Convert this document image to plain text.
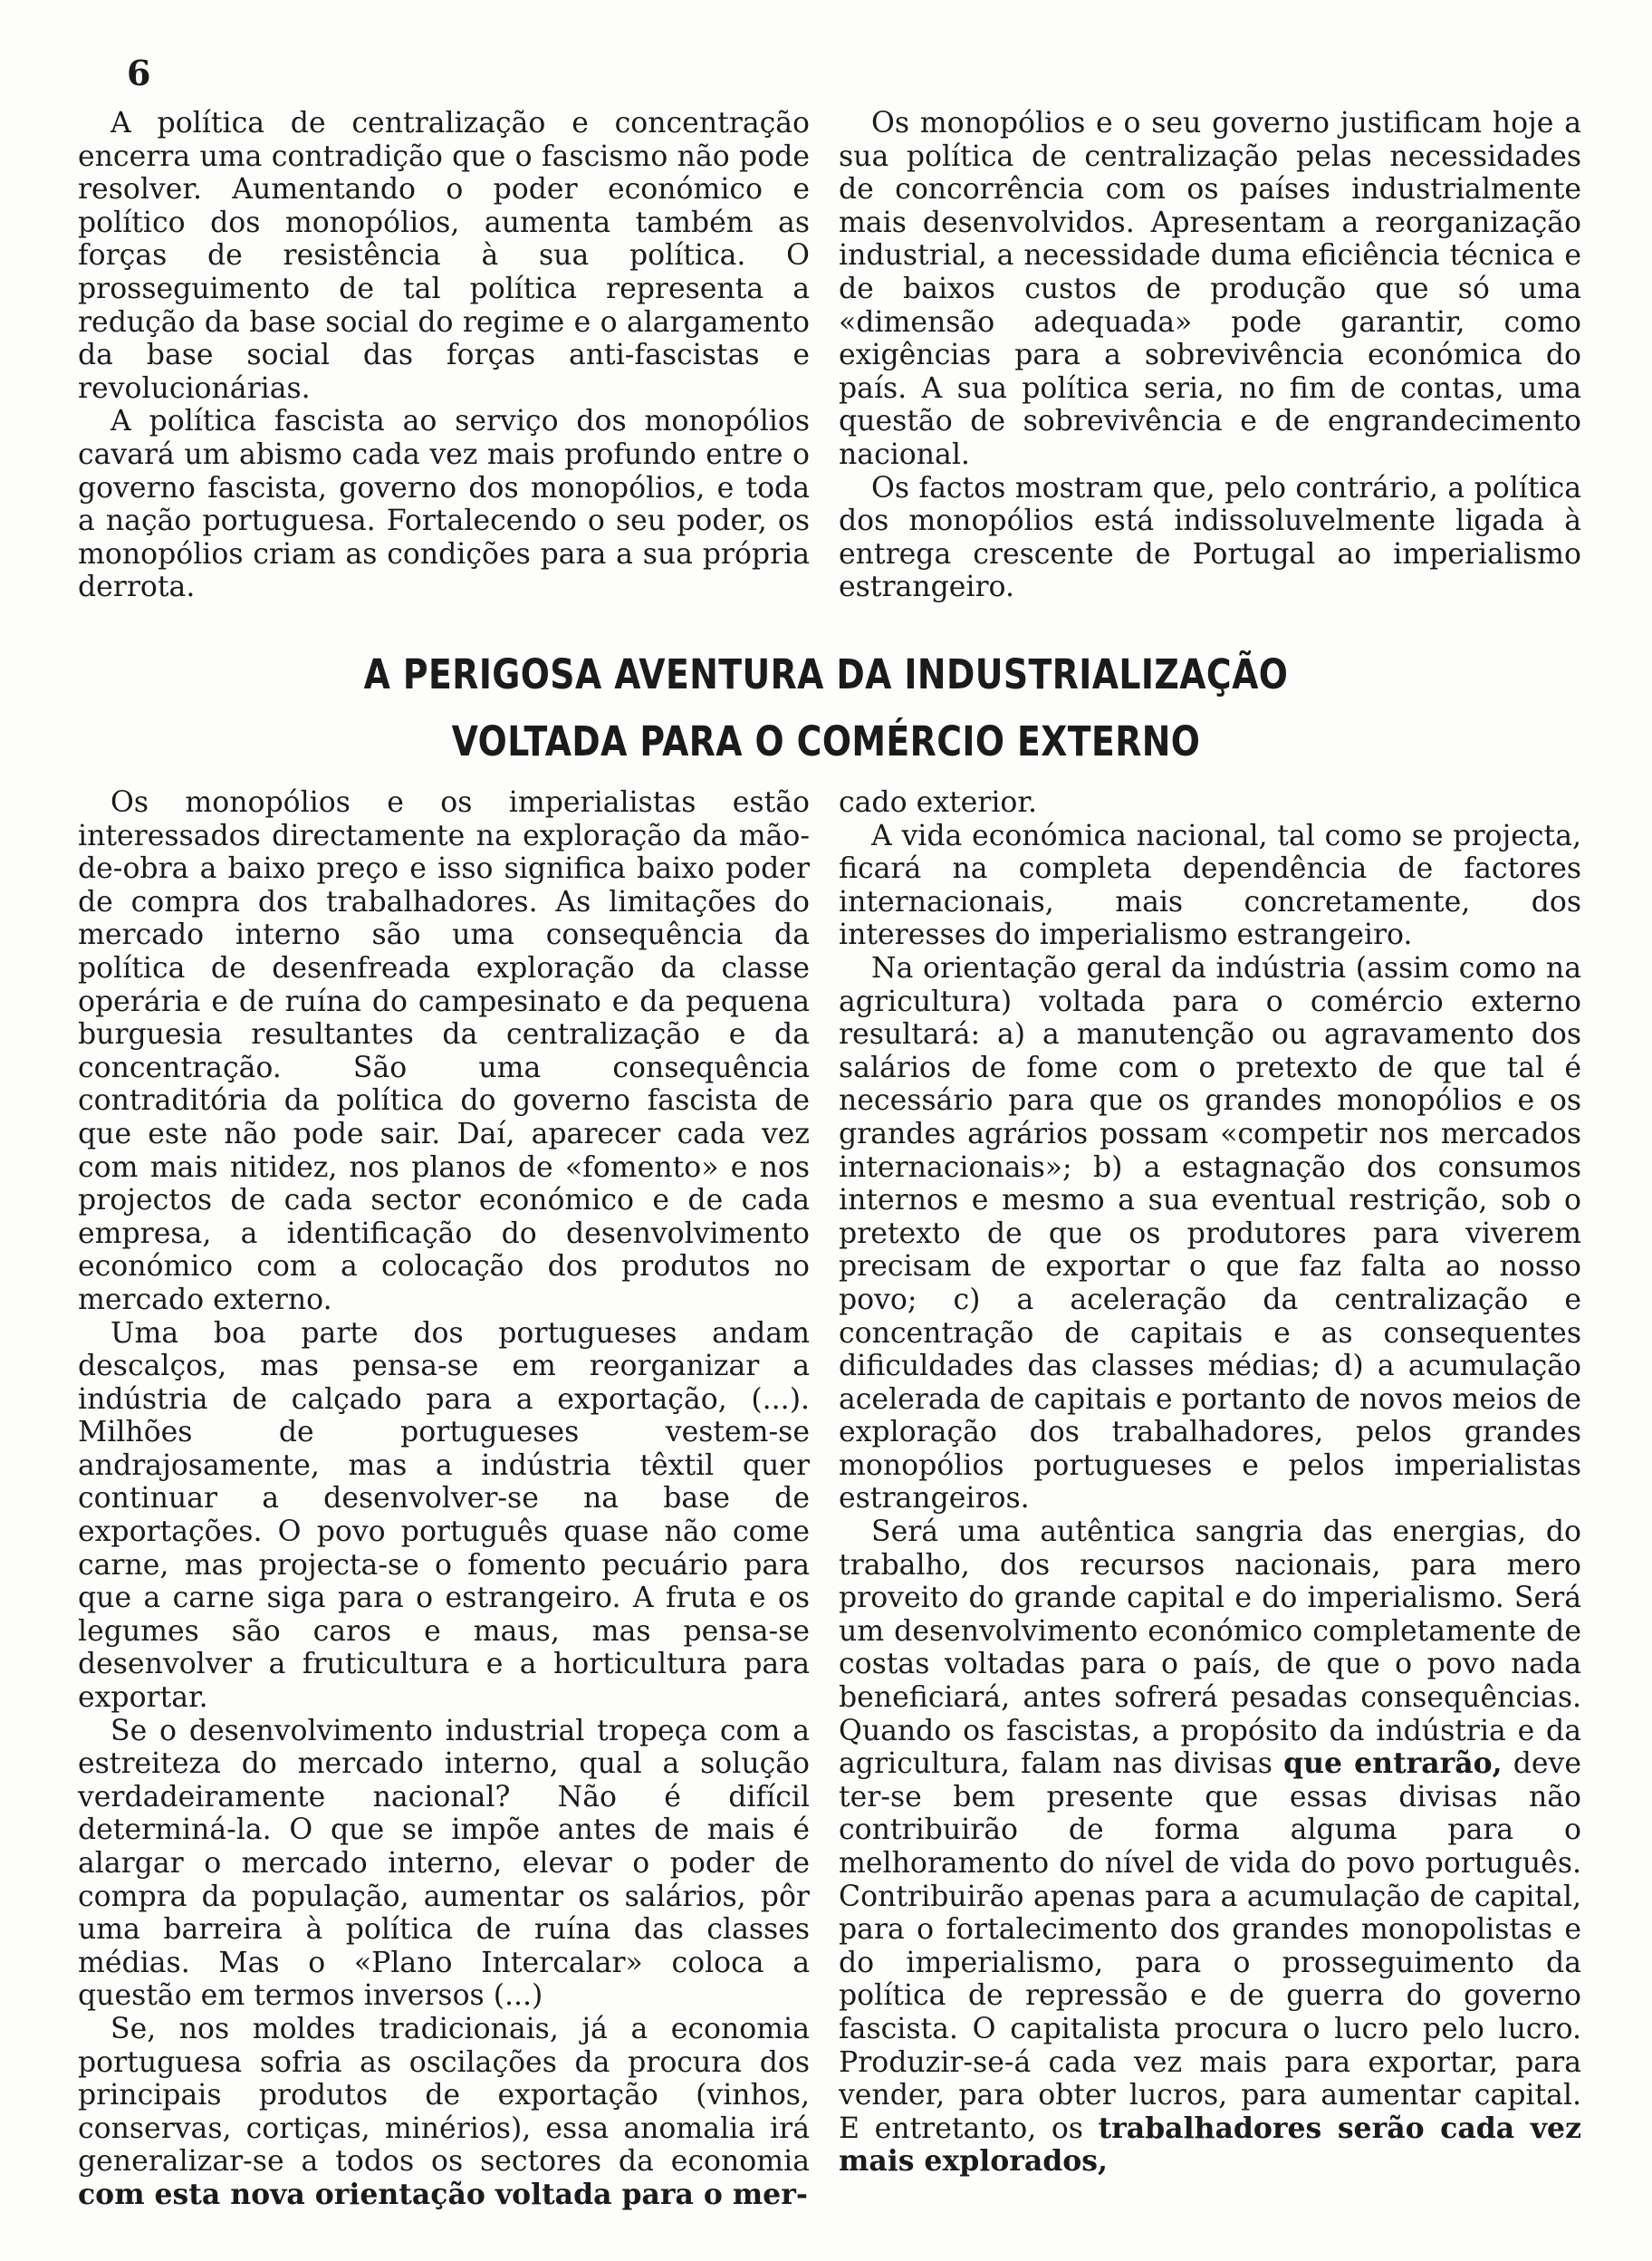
6

A política de centralização e concentração encerra uma contradição que o fascismo não pode resolver. Aumentando o poder económico e político dos monopólios, aumenta também as forças de resistência à sua política. O prosseguimento de tal política representa a redução da base social do regime e o alargamento da base social das forças anti-fascistas e revolucionárias.

A política fascista ao serviço dos monopólios cavará um abismo cada vez mais profundo entre o governo fascista, governo dos monopólios, e toda a nação portuguesa. Fortalecendo o seu poder, os monopólios criam as condições para a sua própria derrota.

Os monopólios e o seu governo justificam hoje a sua política de centralização pelas necessidades de concorrência com os países industrialmente mais desenvolvidos. Apresentam a reorganização industrial, a necessidade duma eficiência técnica e de baixos custos de produção que só uma «dimensão adequada» pode garantir, como exigências para a sobrevivência económica do país. A sua política seria, no fim de contas, uma questão de sobrevivência e de engrandecimento nacional.

Os factos mostram que, pelo contrário, a política dos monopólios está indissoluvelmente ligada à entrega crescente de Portugal ao imperialismo estrangeiro.

A PERIGOSA AVENTURA DA INDUSTRIALIZAÇÃO
VOLTADA PARA O COMÉRCIO EXTERNO

Os monopólios e os imperialistas estão interessados directamente na exploração da mão-de-obra a baixo preço e isso significa baixo poder de compra dos trabalhadores. As limitações do mercado interno são uma consequência da política de desenfreada exploração da classe operária e de ruína do campesinato e da pequena burguesia resultantes da centralização e da concentração. São uma consequência contraditória da política do governo fascista de que este não pode sair. Daí, aparecer cada vez com mais nitidez, nos planos de «fomento» e nos projectos de cada sector económico e de cada empresa, a identificação do desenvolvimento económico com a colocação dos produtos no mercado externo.

Uma boa parte dos portugueses andam descalços, mas pensa-se em reorganizar a indústria de calçado para a exportação, (...). Milhões de portugueses vestem-se andrajosamente, mas a indústria têxtil quer continuar a desenvolver-se na base de exportações. O povo português quase não come carne, mas projecta-se o fomento pecuário para que a carne siga para o estrangeiro. A fruta e os legumes são caros e maus, mas pensa-se desenvolver a fruticultura e a horticultura para exportar.

Se o desenvolvimento industrial tropeça com a estreiteza do mercado interno, qual a solução verdadeiramente nacional? Não é difícil determiná-la. O que se impõe antes de mais é alargar o mercado interno, elevar o poder de compra da população, aumentar os salários, pôr uma barreira à política de ruína das classes médias. Mas o «Plano Intercalar» coloca a questão em termos inversos (...)

Se, nos moldes tradicionais, já a economia portuguesa sofria as oscilações da procura dos principais produtos de exportação (vinhos, conservas, cortiças, minérios), essa anomalia irá generalizar-se a todos os sectores da economia com esta nova orientação voltada para o mer-

cado exterior.

A vida económica nacional, tal como se projecta, ficará na completa dependência de factores internacionais, mais concretamente, dos interesses do imperialismo estrangeiro.

Na orientação geral da indústria (assim como na agricultura) voltada para o comércio externo resultará: a) a manutenção ou agravamento dos salários de fome com o pretexto de que tal é necessário para que os grandes monopólios e os grandes agrários possam «competir nos mercados internacionais»; b) a estagnação dos consumos internos e mesmo a sua eventual restrição, sob o pretexto de que os produtores para viverem precisam de exportar o que faz falta ao nosso povo; c) a aceleração da centralização e concentração de capitais e as consequentes dificuldades das classes médias; d) a acumulação acelerada de capitais e portanto de novos meios de exploração dos trabalhadores, pelos grandes monopólios portugueses e pelos imperialistas estrangeiros.

Será uma autêntica sangria das energias, do trabalho, dos recursos nacionais, para mero proveito do grande capital e do imperialismo. Será um desenvolvimento económico completamente de costas voltadas para o país, de que o povo nada beneficiará, antes sofrerá pesadas consequências. Quando os fascistas, a propósito da indústria e da agricultura, falam nas divisas que entrarão, deve ter-se bem presente que essas divisas não contribuirão de forma alguma para o melhoramento do nível de vida do povo português. Contribuirão apenas para a acumulação de capital, para o fortalecimento dos grandes monopolistas e do imperialismo, para o prosseguimento da política de repressão e de guerra do governo fascista. O capitalista procura o lucro pelo lucro. Produzir-se-á cada vez mais para exportar, para vender, para obter lucros, para aumentar capital. E entretanto, os trabalhadores serão cada vez mais explorados,
